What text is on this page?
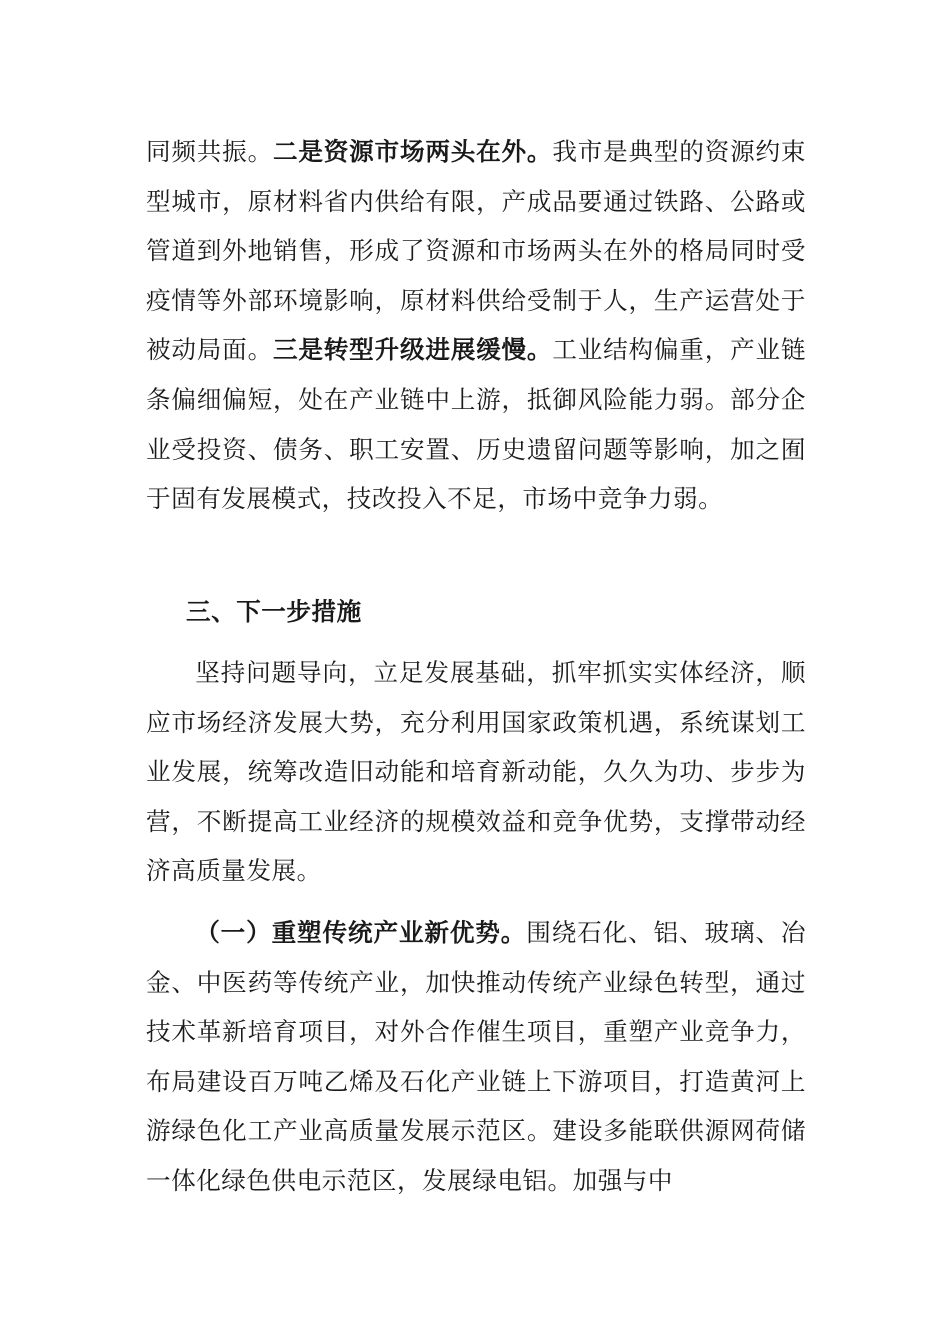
同频共振。二是资源市场两头在外。我市是典型的资源约束型城市，原材料省内供给有限，产成品要通过铁路、公路或管道到外地销售，形成了资源和市场两头在外的格局同时受疫情等外部环境影响，原材料供给受制于人，生产运营处于被动局面。三是转型升级进展缓慢。工业结构偏重，产业链条偏细偏短，处在产业链中上游，抵御风险能力弱。部分企业受投资、债务、职工安置、历史遗留问题等影响，加之囿于固有发展模式，技改投入不足，市场中竞争力弱。

三、下一步措施

坚持问题导向，立足发展基础，抓牢抓实实体经济，顺应市场经济发展大势，充分利用国家政策机遇，系统谋划工业发展，统筹改造旧动能和培育新动能，久久为功、步步为营，不断提高工业经济的规模效益和竞争优势，支撑带动经济高质量发展。

（一）重塑传统产业新优势。围绕石化、铝、玻璃、冶金、中医药等传统产业，加快推动传统产业绿色转型，通过技术革新培育项目，对外合作催生项目，重塑产业竞争力，布局建设百万吨乙烯及石化产业链上下游项目，打造黄河上游绿色化工产业高质量发展示范区。建设多能联供源网荷储一体化绿色供电示范区，发展绿电铝。加强与中
